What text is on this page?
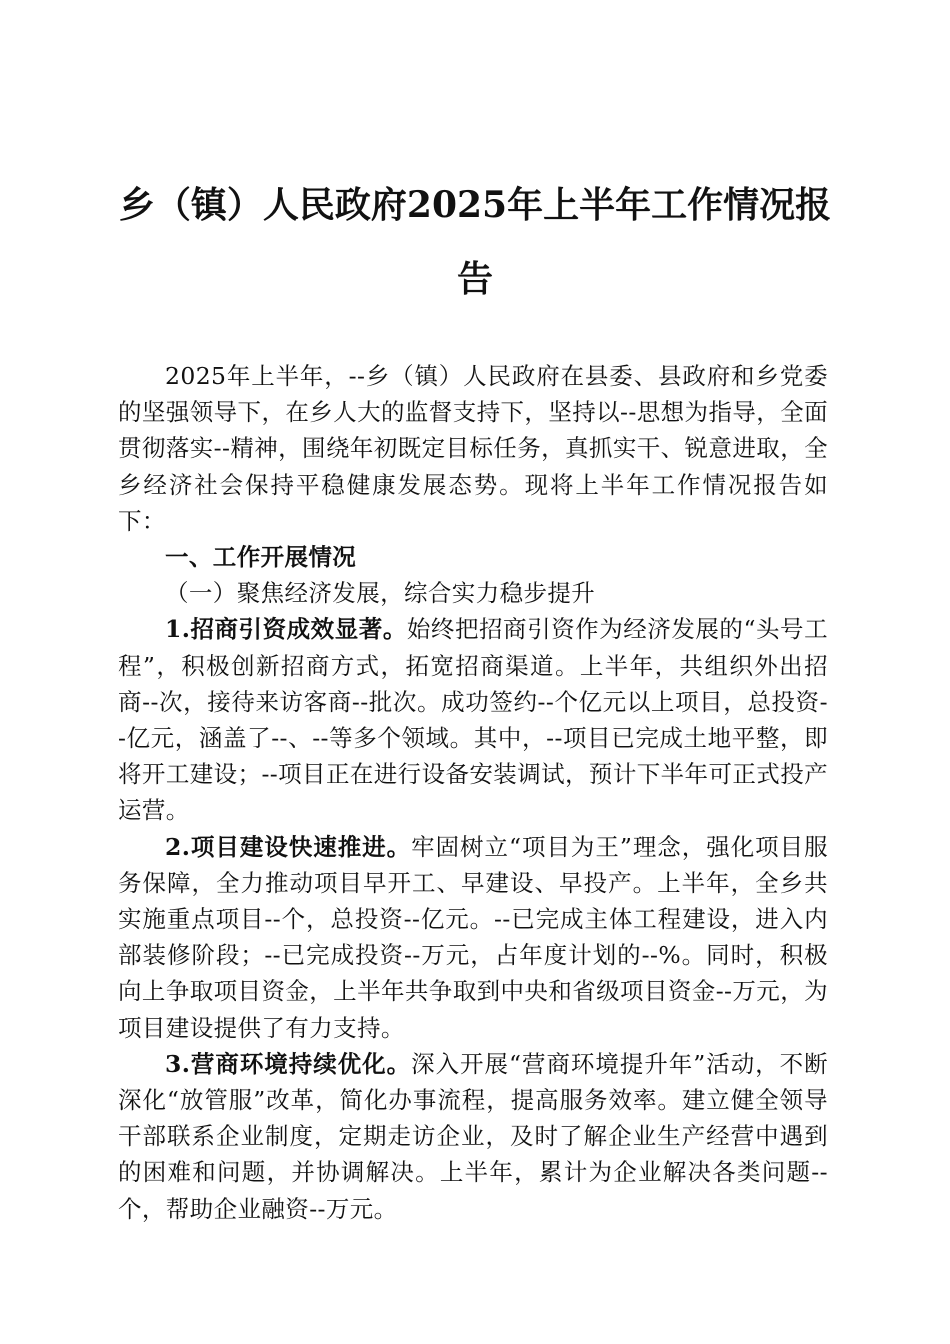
乡（镇）人民政府2025年上半年工作情况报告

2025年上半年，--乡（镇）人民政府在县委、县政府和乡党委的坚强领导下，在乡人大的监督支持下，坚持以--思想为指导，全面贯彻落实--精神，围绕年初既定目标任务，真抓实干、锐意进取，全乡经济社会保持平稳健康发展态势。现将上半年工作情况报告如下：

一、工作开展情况

（一）聚焦经济发展，综合实力稳步提升

1.招商引资成效显著。始终把招商引资作为经济发展的“头号工程”，积极创新招商方式，拓宽招商渠道。上半年，共组织外出招商--次，接待来访客商--批次。成功签约--个亿元以上项目，总投资--亿元，涵盖了--、--等多个领域。其中，--项目已完成土地平整，即将开工建设；--项目正在进行设备安装调试，预计下半年可正式投产运营。

2.项目建设快速推进。牢固树立“项目为王”理念，强化项目服务保障，全力推动项目早开工、早建设、早投产。上半年，全乡共实施重点项目--个，总投资--亿元。--已完成主体工程建设，进入内部装修阶段；--已完成投资--万元，占年度计划的--%。同时，积极向上争取项目资金，上半年共争取到中央和省级项目资金--万元，为项目建设提供了有力支持。

3.营商环境持续优化。深入开展“营商环境提升年”活动，不断深化“放管服”改革，简化办事流程，提高服务效率。建立健全领导干部联系企业制度，定期走访企业，及时了解企业生产经营中遇到的困难和问题，并协调解决。上半年，累计为企业解决各类问题--个，帮助企业融资--万元。
